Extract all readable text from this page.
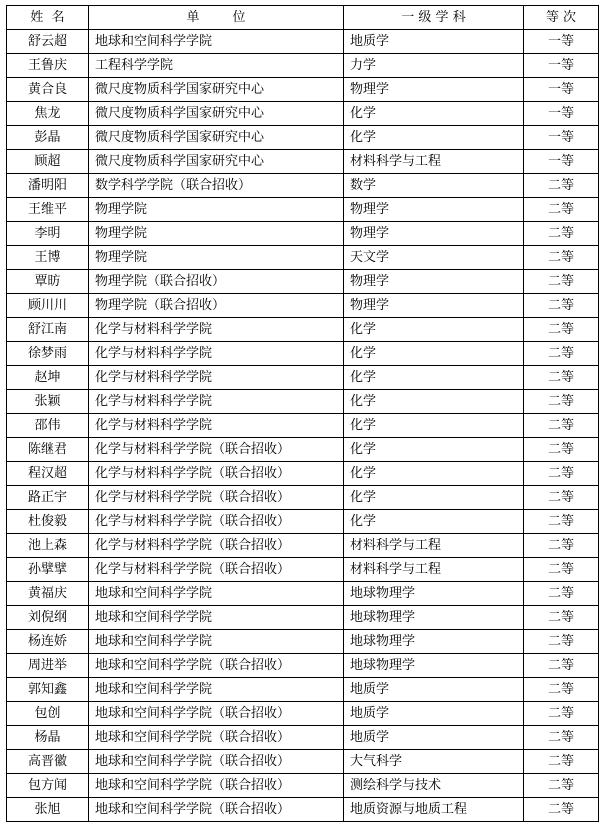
姓  名	单        位	一 级 学 科	等 次
舒云超	地球和空间科学学院	地质学	一等
王鲁庆	工程科学学院	力学	一等
黄合良	微尺度物质科学国家研究中心	物理学	一等
焦龙	微尺度物质科学国家研究中心	化学	一等
彭晶	微尺度物质科学国家研究中心	化学	一等
顾超	微尺度物质科学国家研究中心	材料科学与工程	一等
潘明阳	数学科学学院（联合招收）	数学	二等
王维平	物理学院	物理学	二等
李明	物理学院	物理学	二等
王博	物理学院	天文学	二等
覃昉	物理学院（联合招收）	物理学	二等
顾川川	物理学院（联合招收）	物理学	二等
舒江南	化学与材料科学学院	化学	二等
徐梦雨	化学与材料科学学院	化学	二等
赵坤	化学与材料科学学院	化学	二等
张颖	化学与材料科学学院	化学	二等
邵伟	化学与材料科学学院	化学	二等
陈继君	化学与材料科学学院（联合招收）	化学	二等
程汉超	化学与材料科学学院（联合招收）	化学	二等
路正宇	化学与材料科学学院（联合招收）	化学	二等
杜俊毅	化学与材料科学学院（联合招收）	化学	二等
池上森	化学与材料科学学院（联合招收）	材料科学与工程	二等
孙擘擘	化学与材料科学学院（联合招收）	材料科学与工程	二等
黄福庆	地球和空间科学学院	地球物理学	二等
刘倪纲	地球和空间科学学院	地球物理学	二等
杨连娇	地球和空间科学学院	地球物理学	二等
周进举	地球和空间科学学院（联合招收）	地球物理学	二等
郭知鑫	地球和空间科学学院	地质学	二等
包创	地球和空间科学学院（联合招收）	地质学	二等
杨晶	地球和空间科学学院（联合招收）	地质学	二等
高晋徽	地球和空间科学学院（联合招收）	大气科学	二等
包方闻	地球和空间科学学院（联合招收）	测绘科学与技术	二等
张旭	地球和空间科学学院（联合招收）	地质资源与地质工程	二等
